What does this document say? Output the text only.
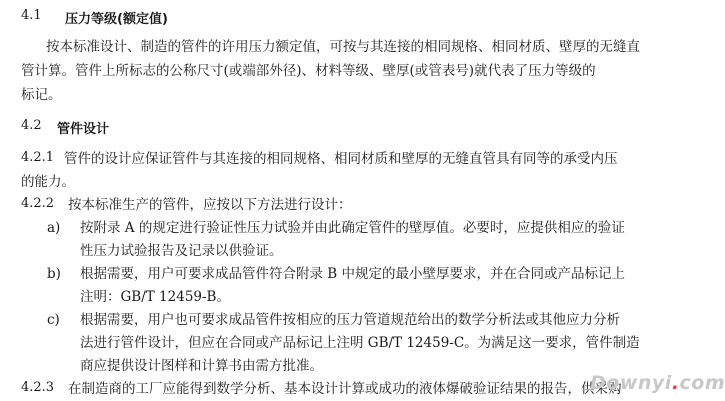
4.1 压力等级(额定值)
按本标准设计、制造的管件的许用压力额定值，可按与其连接的相同规格、相同材质、壁厚的无缝直
管计算。管件上所标志的公称尺寸(或端部外径)、材料等级、壁厚(或管表号)就代表了压力等级的
标记。
4.2 管件设计
4.2.1 管件的设计应保证管件与其连接的相同规格、相同材质和壁厚的无缝直管具有同等的承受内压
的能力。
4.2.2 按本标准生产的管件，应按以下方法进行设计：
a) 按附录 A 的规定进行验证性压力试验并由此确定管件的壁厚值。必要时，应提供相应的验证
性压力试验报告及记录以供验证。
b) 根据需要，用户可要求成品管件符合附录 B 中规定的最小壁厚要求，并在合同或产品标记上
注明：GB/T 12459-B。
c) 根据需要，用户也可要求成品管件按相应的压力管道规范给出的数学分析法或其他应力分析
法进行管件设计，但应在合同或产品标记上注明 GB/T 12459-C。为满足这一要求，管件制造
商应提供设计图样和计算书由需方批准。
4.2.3 在制造商的工厂应能得到数学分析、基本设计计算或成功的液体爆破验证结果的报告，供采购
Downyi.com
